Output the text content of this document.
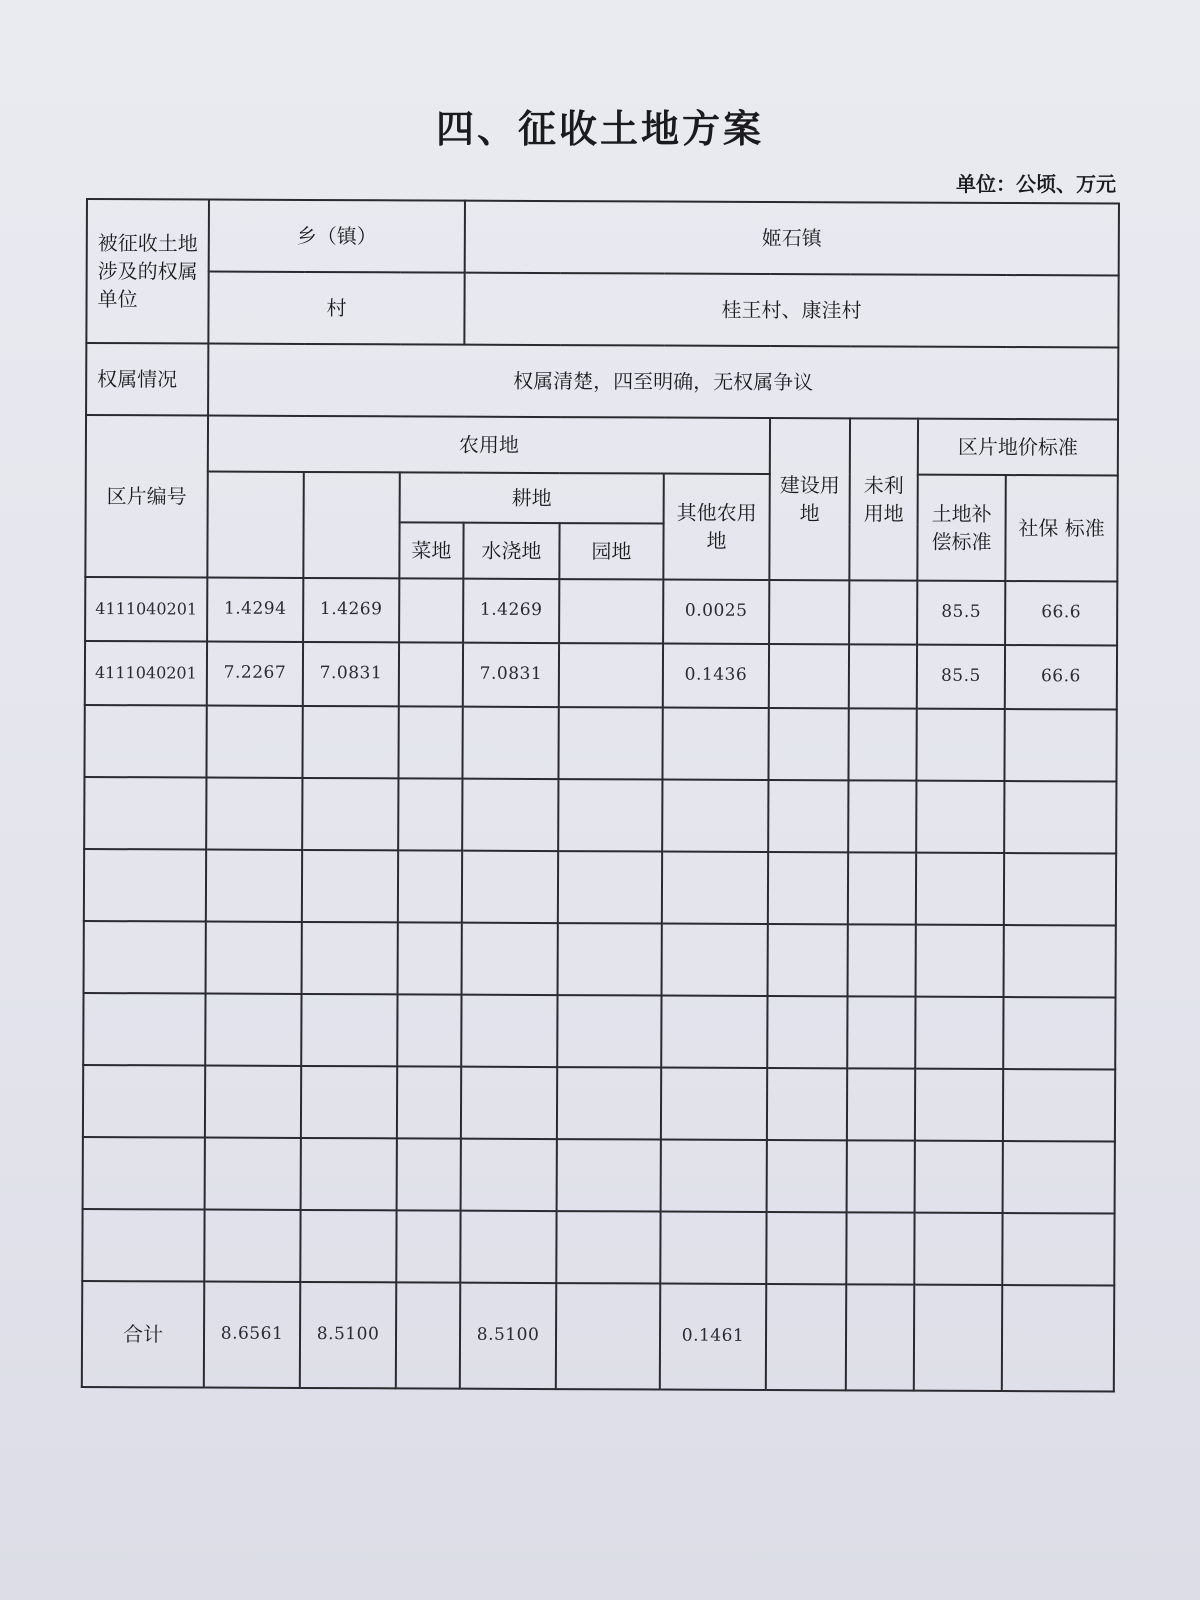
四、征收土地方案
单位：公顷、万元
被征收土地涉及的权属单位	乡（镇）			姬石镇						
	村			桂王村、康洼村						
权属情况	权属清楚，四至明确，无权属争议									
区片编号	农用地						建设用地	未利用地	区片地价标准	
			耕地			其他农用地			土地补偿标准	社保 标准
			菜地	水浇地	园地					
4111040201	1.4294	1.4269		1.4269		0.0025			85.5	66.6
4111040201	7.2267	7.0831		7.0831		0.1436			85.5	66.6

合计	8.6561	8.5100		8.5100		0.1461				
